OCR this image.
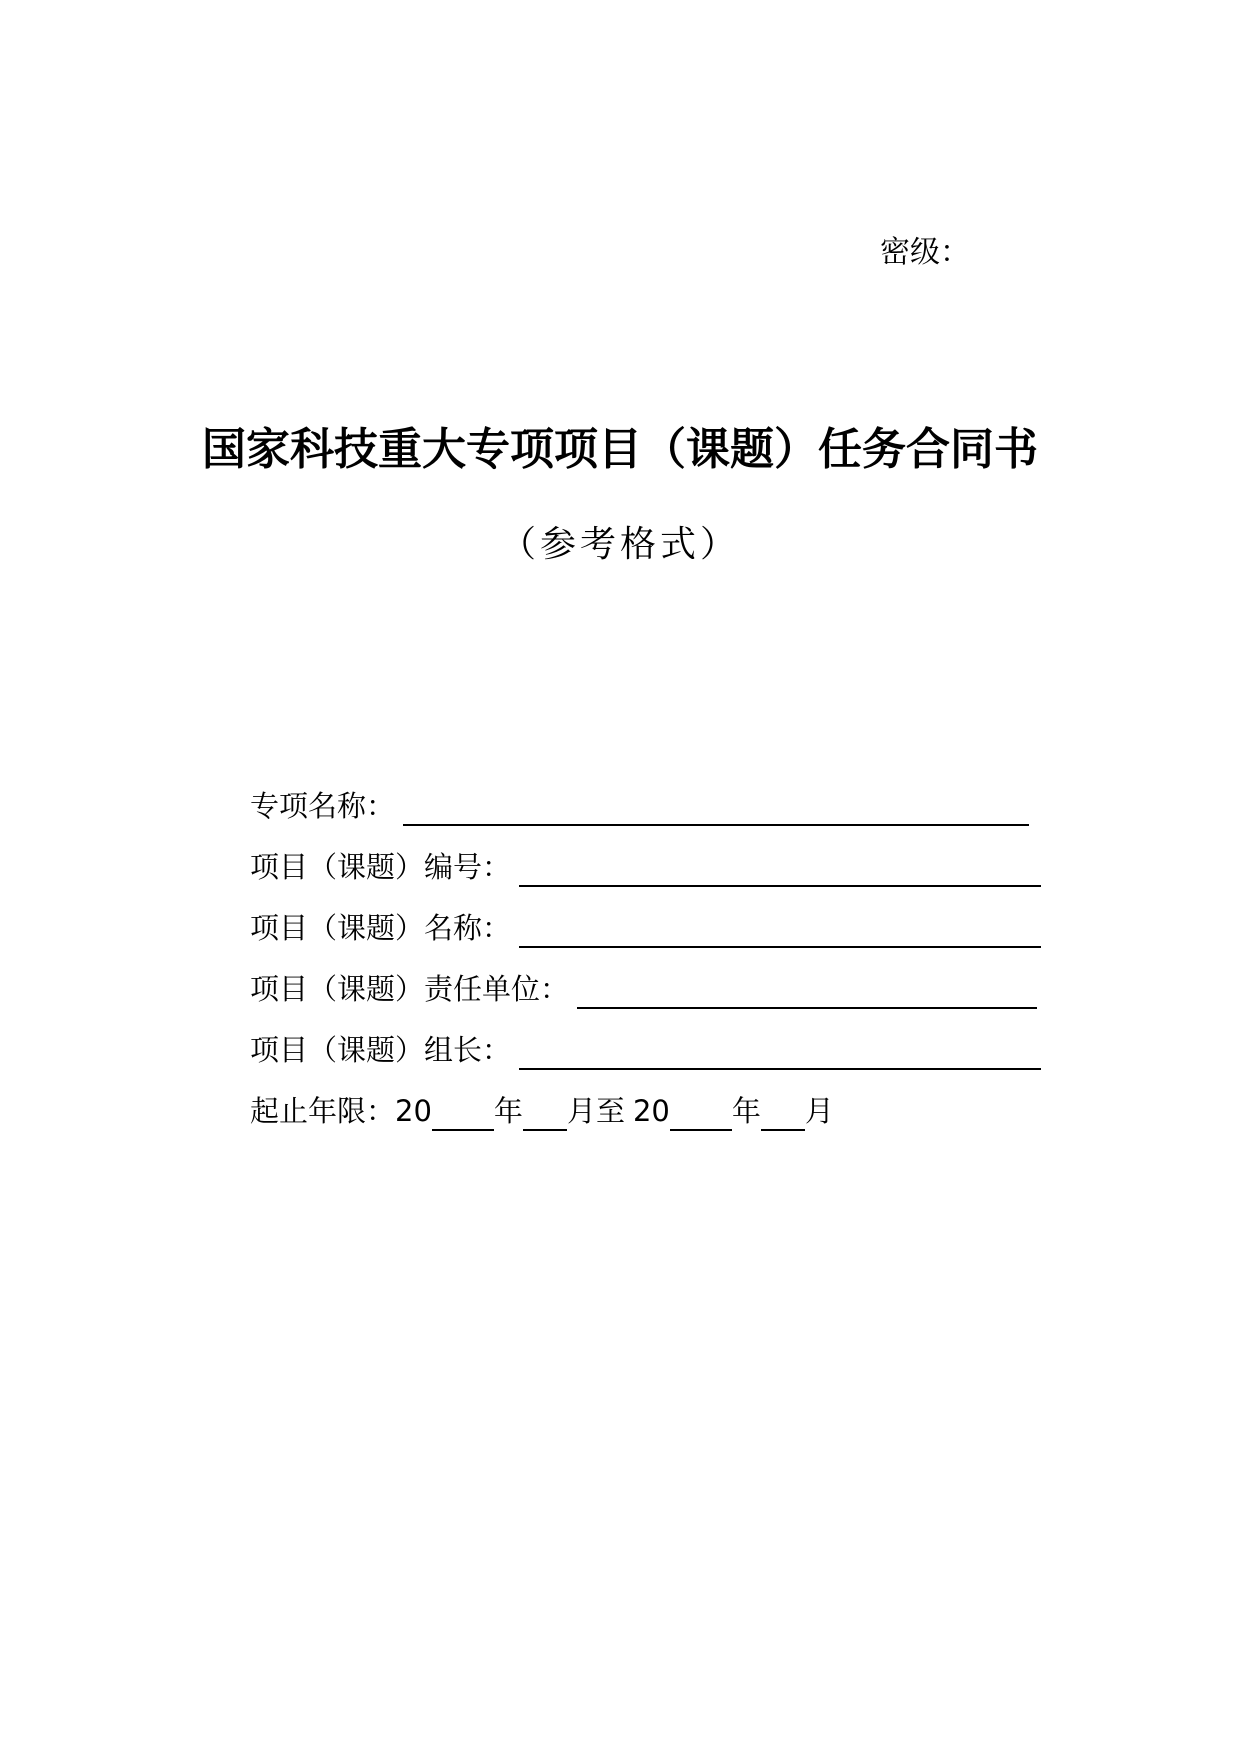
密级：
国家科技重大专项项目（课题）任务合同书
（参考格式）
专项名称：
项目（课题）编号：
项目（课题）名称：
项目（课题）责任单位：
项目（课题）组长：
起止年限： 20 年 月至 20 年 月
